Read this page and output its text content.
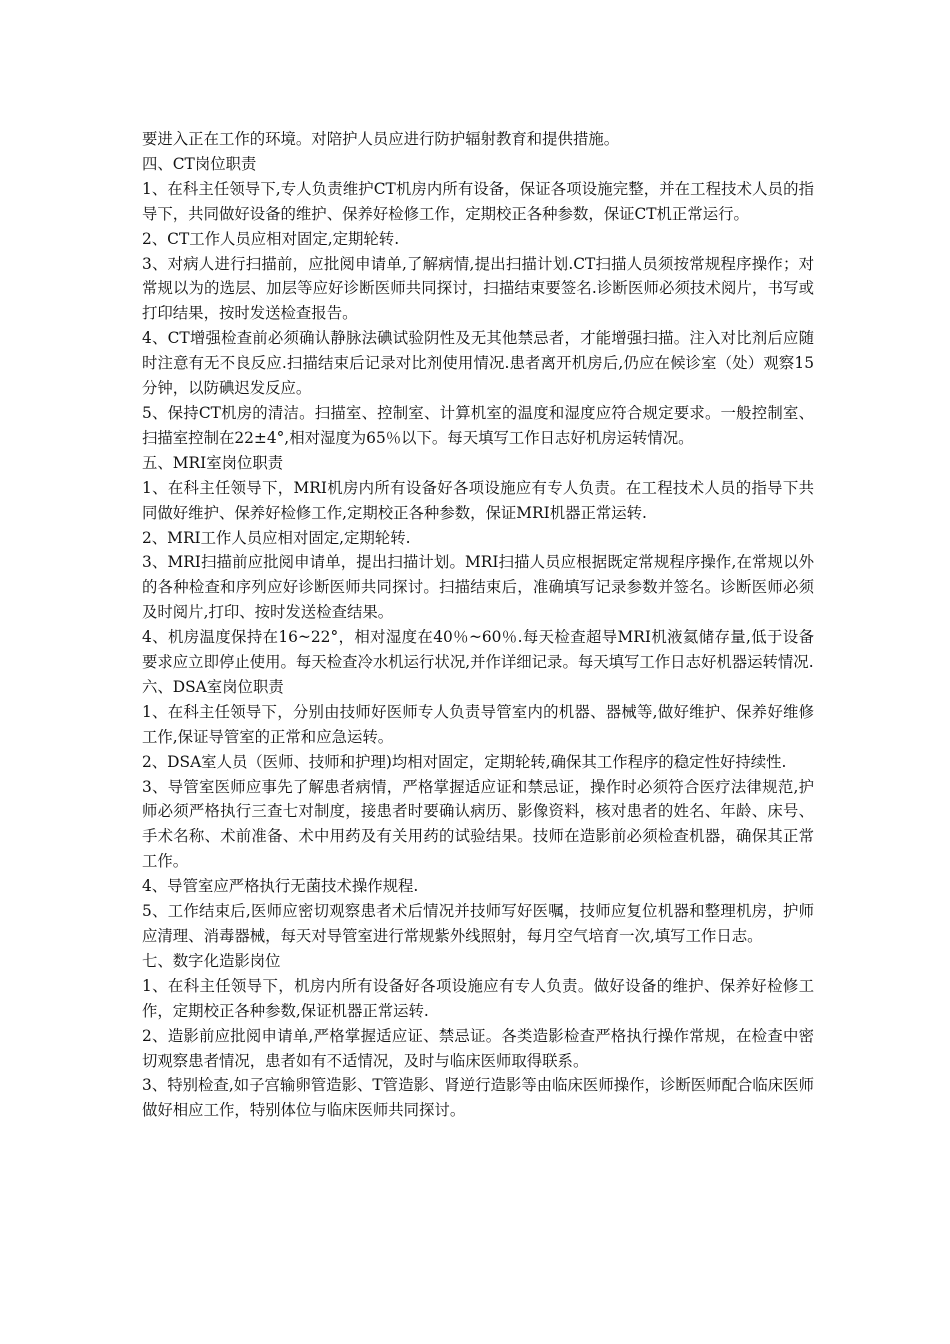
要进入正在工作的环境。对陪护人员应进行防护辐射教育和提供措施。

四、CT岗位职责

1、在科主任领导下,专人负责维护CT机房内所有设备，保证各项设施完整，并在工程技术人员的指导下，共同做好设备的维护、保养好检修工作，定期校正各种参数，保证CT机正常运行。

2、CT工作人员应相对固定,定期轮转.

3、对病人进行扫描前，应批阅申请单,了解病情,提出扫描计划.CT扫描人员须按常规程序操作；对常规以为的选层、加层等应好诊断医师共同探讨，扫描结束要签名.诊断医师必须技术阅片，书写或打印结果，按时发送检查报告。

4、CT增强检查前必须确认静脉法碘试验阴性及无其他禁忌者，才能增强扫描。注入对比剂后应随时注意有无不良反应.扫描结束后记录对比剂使用情况.患者离开机房后,仍应在候诊室（处）观察15分钟，以防碘迟发反应。

5、保持CT机房的清洁。扫描室、控制室、计算机室的温度和湿度应符合规定要求。一般控制室、扫描室控制在22±4°,相对湿度为65％以下。每天填写工作日志好机房运转情况。

五、MRI室岗位职责

1、在科主任领导下，MRI机房内所有设备好各项设施应有专人负责。在工程技术人员的指导下共同做好维护、保养好检修工作,定期校正各种参数，保证MRI机器正常运转.

2、MRI工作人员应相对固定,定期轮转.

3、MRI扫描前应批阅申请单，提出扫描计划。MRI扫描人员应根据既定常规程序操作,在常规以外的各种检查和序列应好诊断医师共同探讨。扫描结束后，准确填写记录参数并签名。诊断医师必须及时阅片,打印、按时发送检查结果。

4、机房温度保持在16~22°，相对湿度在40％~60％.每天检查超导MRI机液氦储存量,低于设备要求应立即停止使用。每天检查冷水机运行状况,并作详细记录。每天填写工作日志好机器运转情况.

六、DSA室岗位职责

1、在科主任领导下，分别由技师好医师专人负责导管室内的机器、器械等,做好维护、保养好维修工作,保证导管室的正常和应急运转。

2、DSA室人员（医师、技师和护理)均相对固定，定期轮转,确保其工作程序的稳定性好持续性.

3、导管室医师应事先了解患者病情，严格掌握适应证和禁忌证，操作时必须符合医疗法律规范,护师必须严格执行三查七对制度，接患者时要确认病历、影像资料，核对患者的姓名、年龄、床号、手术名称、术前准备、术中用药及有关用药的试验结果。技师在造影前必须检查机器，确保其正常工作。

4、导管室应严格执行无菌技术操作规程.

5、工作结束后,医师应密切观察患者术后情况并技师写好医嘱，技师应复位机器和整理机房，护师应清理、消毒器械，每天对导管室进行常规紫外线照射，每月空气培育一次,填写工作日志。

七、数字化造影岗位

1、在科主任领导下，机房内所有设备好各项设施应有专人负责。做好设备的维护、保养好检修工作，定期校正各种参数,保证机器正常运转.

2、造影前应批阅申请单,严格掌握适应证、禁忌证。各类造影检查严格执行操作常规，在检查中密切观察患者情况，患者如有不适情况，及时与临床医师取得联系。

3、特别检查,如子宫输卵管造影、T管造影、肾逆行造影等由临床医师操作，诊断医师配合临床医师做好相应工作，特别体位与临床医师共同探讨。
